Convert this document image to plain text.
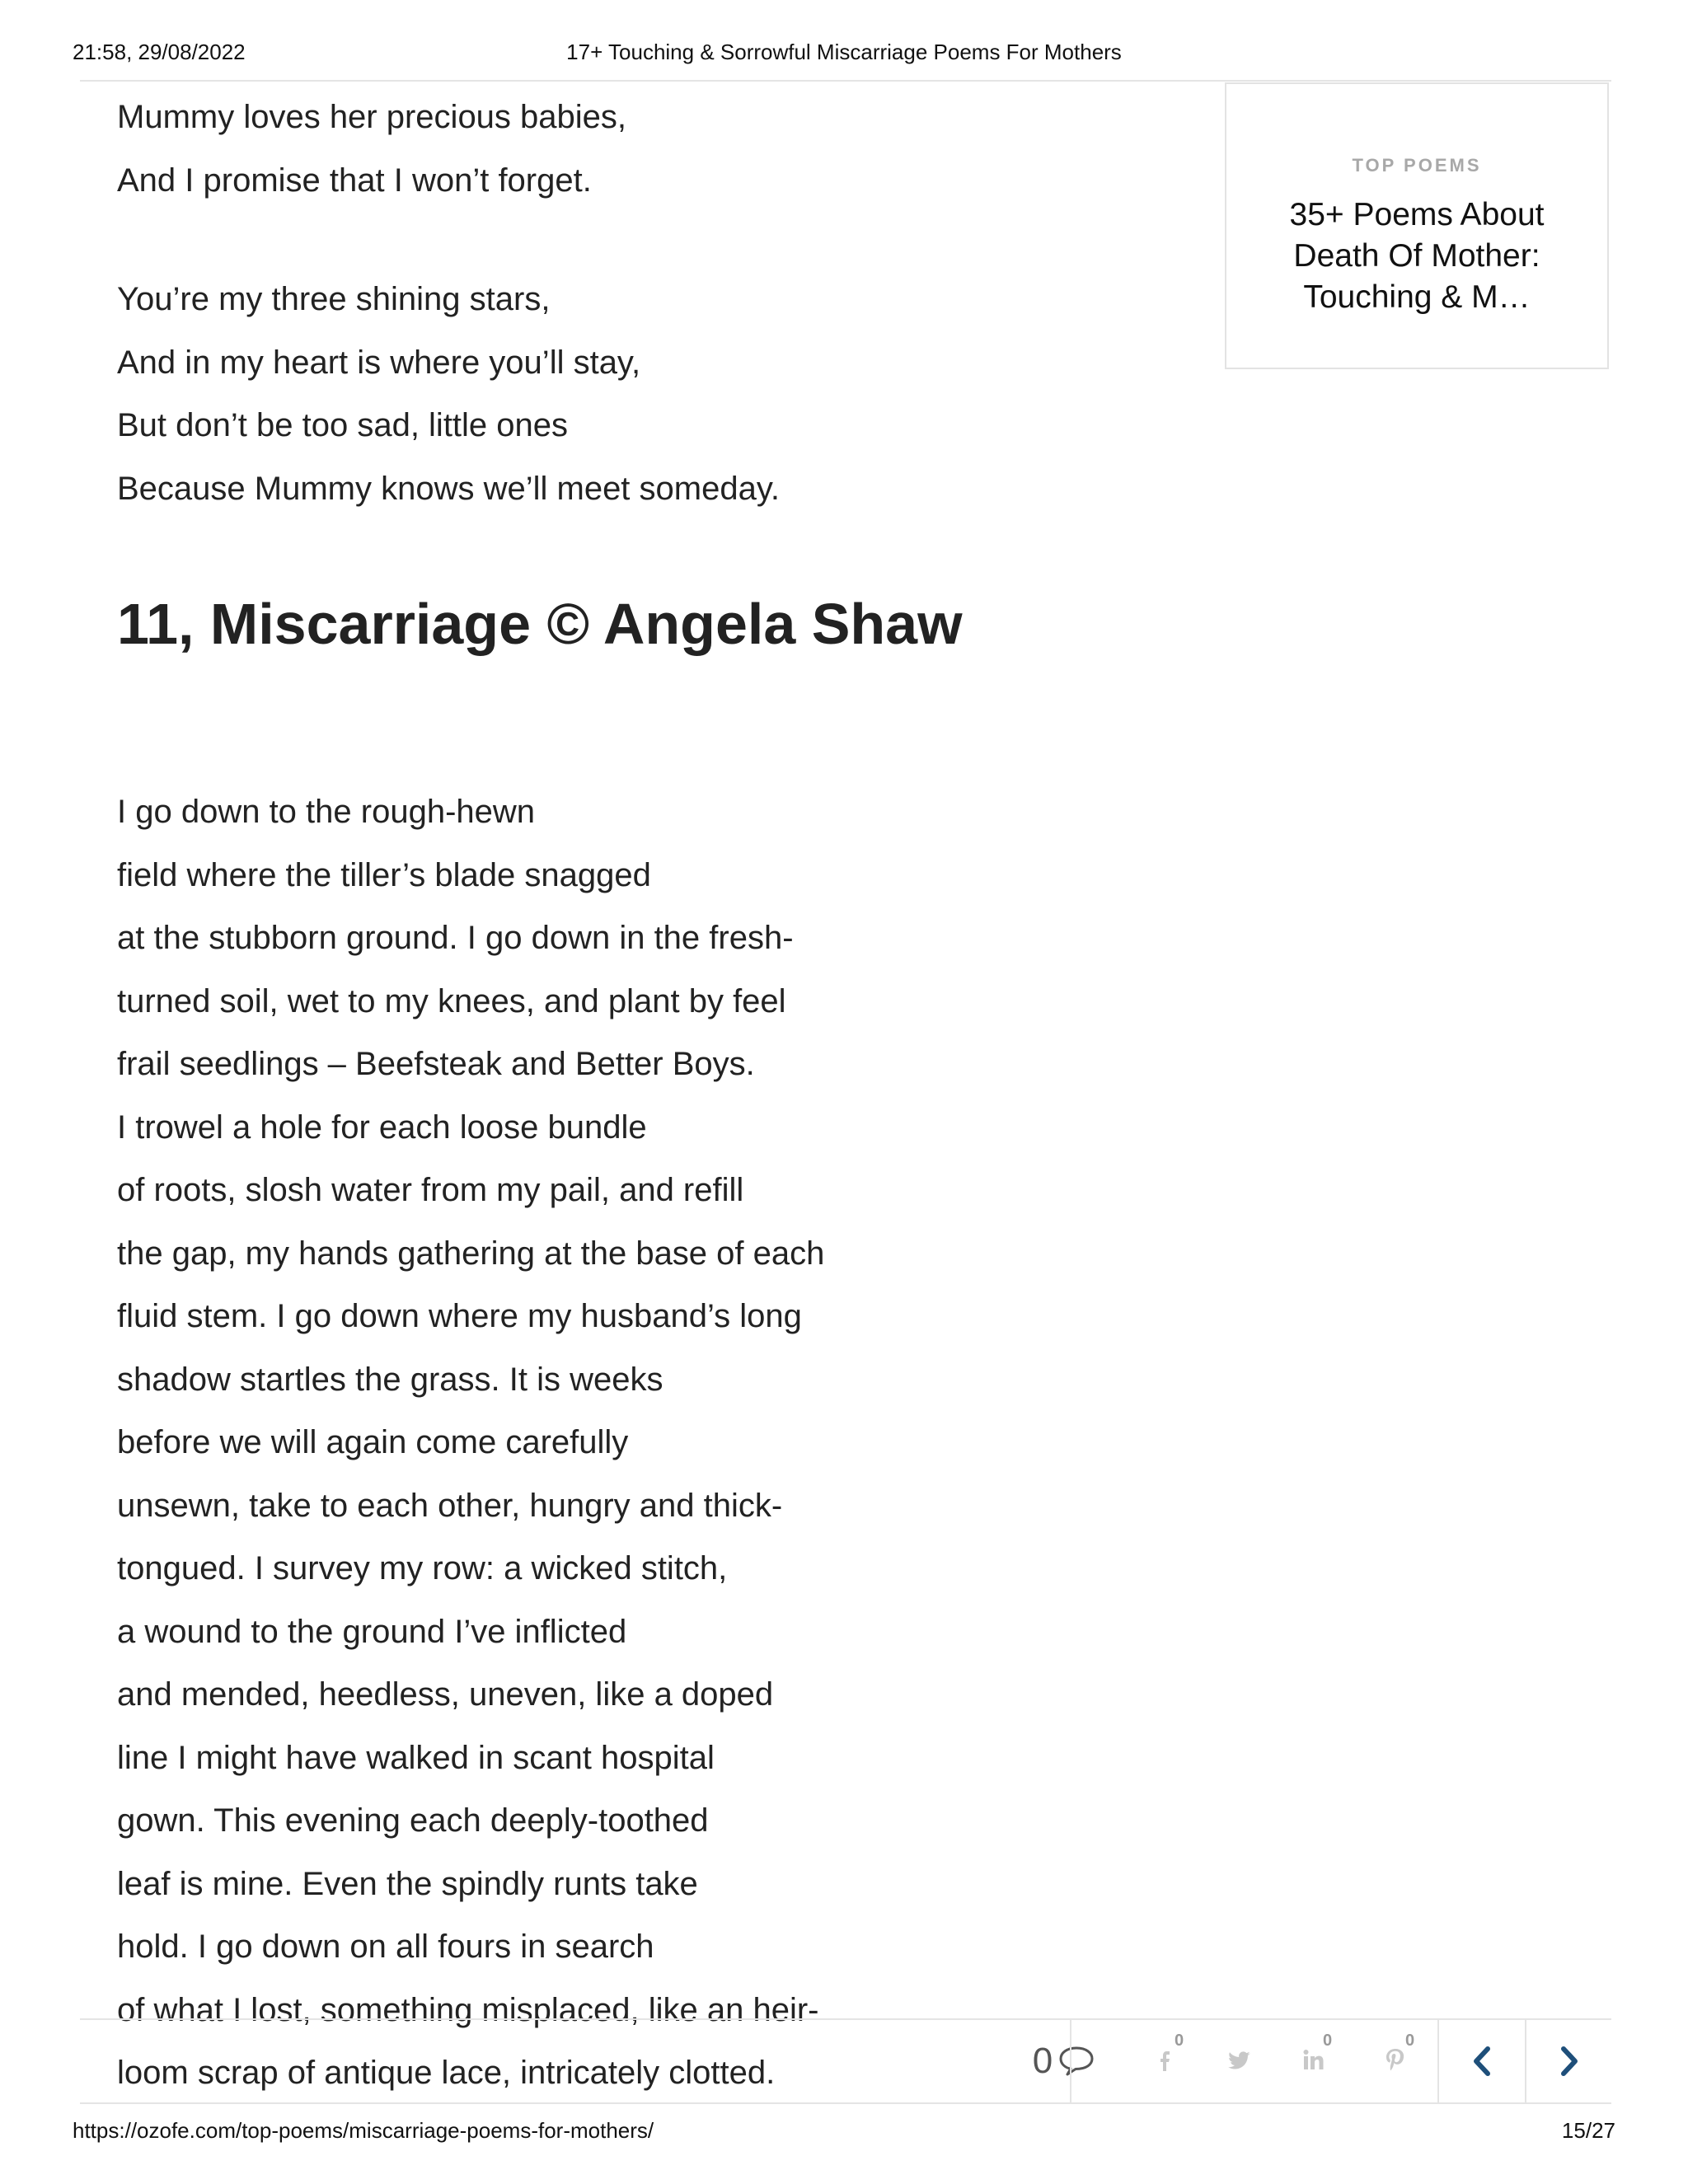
21:58, 29/08/2022	17+ Touching & Sorrowful Miscarriage Poems For Mothers
Mummy loves her precious babies,
And I promise that I won’t forget.
You’re my three shining stars,
And in my heart is where you’ll stay,
But don’t be too sad, little ones
Because Mummy knows we’ll meet someday.
11, Miscarriage © Angela Shaw
I go down to the rough-hewn
field where the tiller’s blade snagged
at the stubborn ground. I go down in the fresh-
turned soil, wet to my knees, and plant by feel
frail seedlings – Beefsteak and Better Boys.
I trowel a hole for each loose bundle
of roots, slosh water from my pail, and refill
the gap, my hands gathering at the base of each
fluid stem. I go down where my husband’s long
shadow startles the grass. It is weeks
before we will again come carefully
unsewn, take to each other, hungry and thick-
tongued. I survey my row: a wicked stitch,
a wound to the ground I’ve inflicted
and mended, heedless, uneven, like a doped
line I might have walked in scant hospital
gown. This evening each deeply-toothed
leaf is mine. Even the spindly runts take
hold. I go down on all fours in search
of what I lost, something misplaced, like an heir-
loom scrap of antique lace, intricately clotted.
TOP POEMS
35+ Poems About Death Of Mother: Touching & M…
0	0	0	0
https://ozofe.com/top-poems/miscarriage-poems-for-mothers/	15/27
